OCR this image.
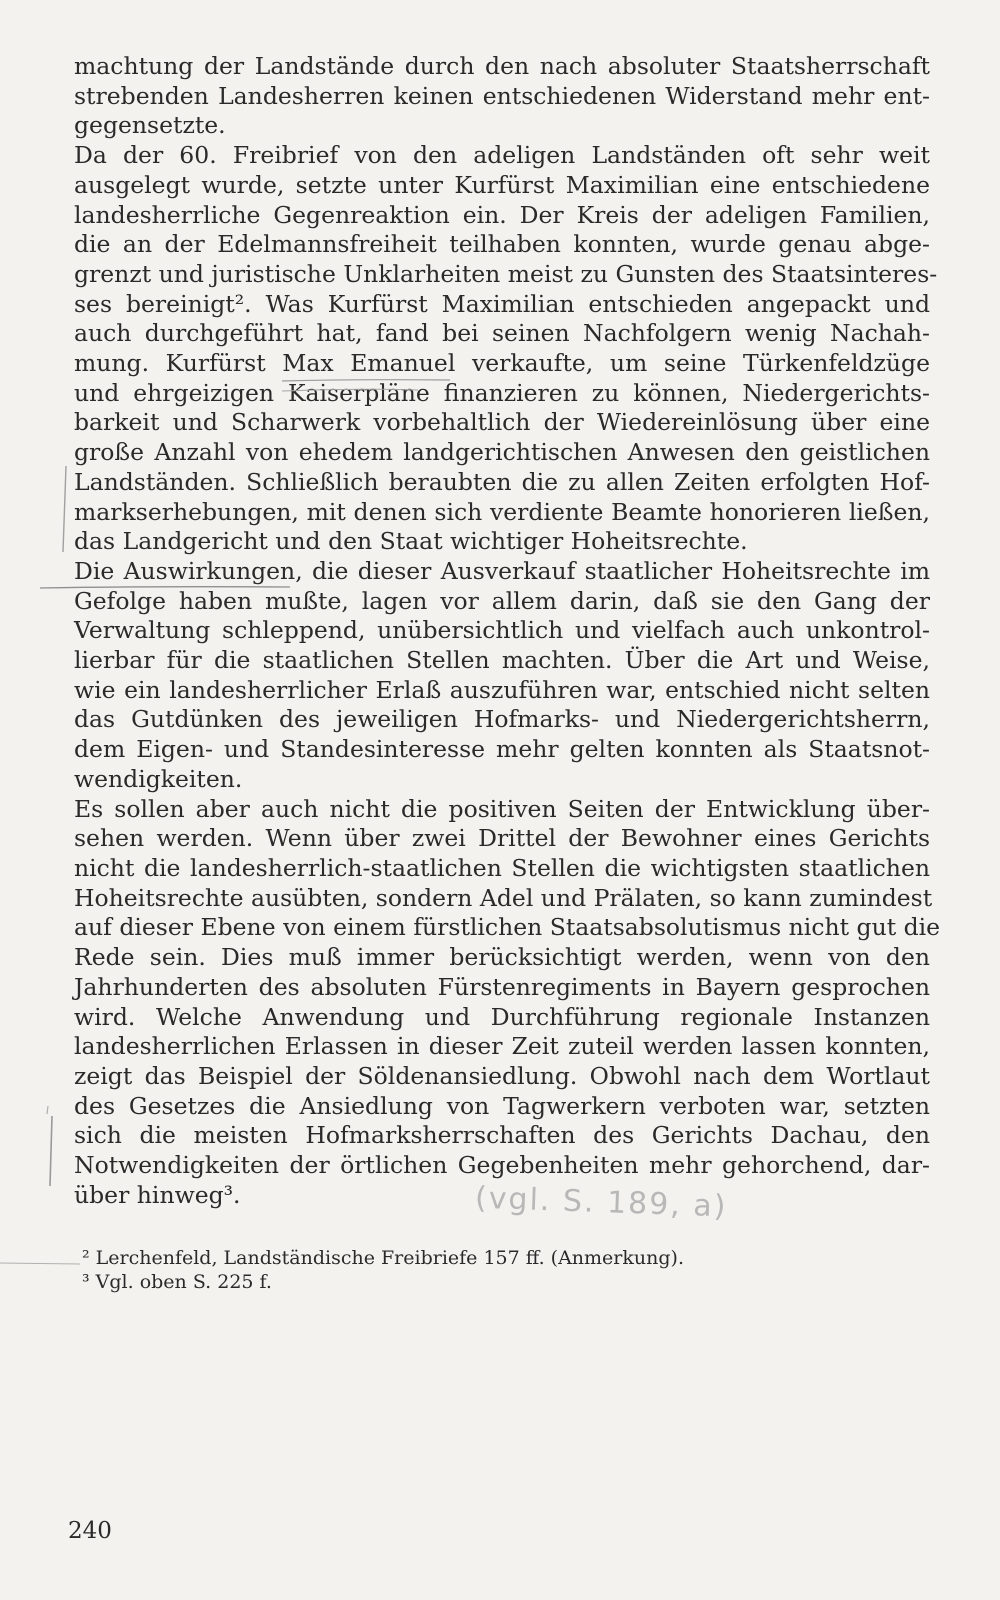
machtung der Landstände durch den nach absoluter Staatsherrschaft
strebenden Landesherren keinen entschiedenen Widerstand mehr ent-
gegensetzte.

Da der 60. Freibrief von den adeligen Landständen oft sehr weit
ausgelegt wurde, setzte unter Kurfürst Maximilian eine entschiedene
landesherrliche Gegenreaktion ein. Der Kreis der adeligen Familien,
die an der Edelmannsfreiheit teilhaben konnten, wurde genau abge-
grenzt und juristische Unklarheiten meist zu Gunsten des Staatsinteres-
ses bereinigt². Was Kurfürst Maximilian entschieden angepackt und
auch durchgeführt hat, fand bei seinen Nachfolgern wenig Nachah-
mung. Kurfürst Max Emanuel verkaufte, um seine Türkenfeldzüge
und ehrgeizigen Kaiserpläne finanzieren zu können, Niedergerichts-
barkeit und Scharwerk vorbehaltlich der Wiedereinlösung über eine
große Anzahl von ehedem landgerichtischen Anwesen den geistlichen
Landständen. Schließlich beraubten die zu allen Zeiten erfolgten Hof-
markserhebungen, mit denen sich verdiente Beamte honorieren ließen,
das Landgericht und den Staat wichtiger Hoheitsrechte.

Die Auswirkungen, die dieser Ausverkauf staatlicher Hoheitsrechte im
Gefolge haben mußte, lagen vor allem darin, daß sie den Gang der
Verwaltung schleppend, unübersichtlich und vielfach auch unkontrol-
lierbar für die staatlichen Stellen machten. Über die Art und Weise,
wie ein landesherrlicher Erlaß auszuführen war, entschied nicht selten
das Gutdünken des jeweiligen Hofmarks- und Niedergerichtsherrn,
dem Eigen- und Standesinteresse mehr gelten konnten als Staatsnot-
wendigkeiten.

Es sollen aber auch nicht die positiven Seiten der Entwicklung über-
sehen werden. Wenn über zwei Drittel der Bewohner eines Gerichts
nicht die landesherrlich-staatlichen Stellen die wichtigsten staatlichen
Hoheitsrechte ausübten, sondern Adel und Prälaten, so kann zumindest
auf dieser Ebene von einem fürstlichen Staatsabsolutismus nicht gut die
Rede sein. Dies muß immer berücksichtigt werden, wenn von den
Jahrhunderten des absoluten Fürstenregiments in Bayern gesprochen
wird. Welche Anwendung und Durchführung regionale Instanzen
landesherrlichen Erlassen in dieser Zeit zuteil werden lassen konnten,
zeigt das Beispiel der Söldenansiedlung. Obwohl nach dem Wortlaut
des Gesetzes die Ansiedlung von Tagwerkern verboten war, setzten
sich die meisten Hofmarksherrschaften des Gerichts Dachau, den
Notwendigkeiten der örtlichen Gegebenheiten mehr gehorchend, dar-
über hinweg³.

² Lerchenfeld, Landständische Freibriefe 157 ff. (Anmerkung).

³ Vgl. oben S. 225 f.

240
(vgl. S. 189, a)
